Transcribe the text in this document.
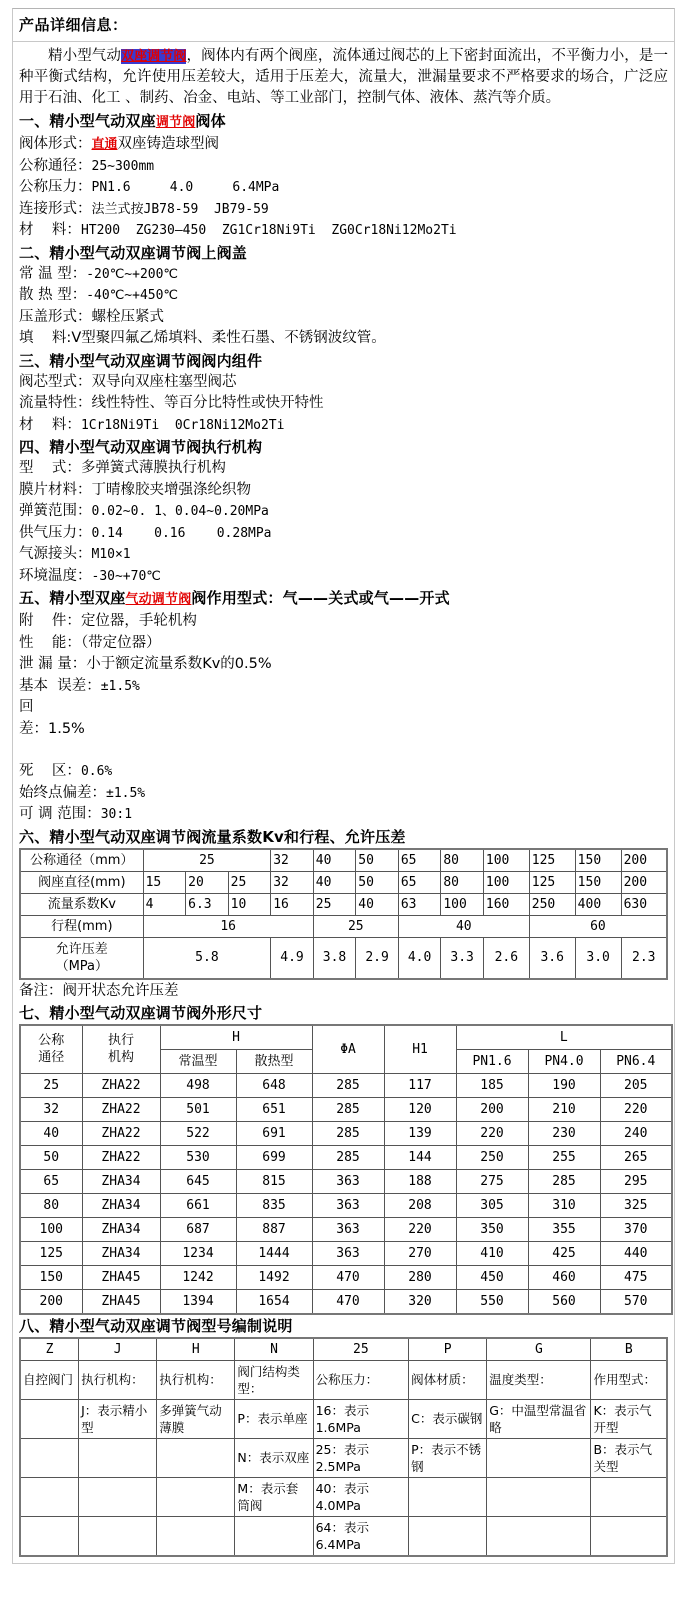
产品详细信息：

精小型气动双座调节阀，阀体内有两个阀座，流体通过阀芯的上下密封面流出，不平衡力小，是一种平衡式结构，允许使用压差较大，适用于压差大，流量大，泄漏量要求不严格要求的场合，广泛应用于石油、化工 、制药、冶金、电站、等工业部门，控制气体、液体、蒸汽等介质。

一、精小型气动双座调节阀阀体
阀体形式：直通双座铸造球型阀
公称通径：25~300mm
公称压力：PN1.6     4.0     6.4MPa
连接形式：法兰式按JB78-59  JB79-59
材    料：HT200  ZG230—450  ZG1Cr18Ni9Ti  ZG0Cr18Ni12Mo2Ti
二、精小型气动双座调节阀上阀盖
常 温 型：-20℃~+200℃
散 热 型：-40℃~+450℃
压盖形式：螺栓压紧式
填    料:V型聚四氟乙烯填料、柔性石墨、不锈钢波纹管。
三、精小型气动双座调节阀阀内组件
阀芯型式：双导向双座柱塞型阀芯
流量特性：线性特性、等百分比特性或快开特性
材    料：1Cr18Ni9Ti  0Cr18Ni12Mo2Ti
四、精小型气动双座调节阀执行机构
型    式：多弹簧式薄膜执行机构
膜片材料：丁晴橡胶夹增强涤纶织物
弹簧范围：0.02~0. 1、0.04~0.20MPa
供气压力：0.14    0.16    0.28MPa
气源接头：M10×1
环境温度：-30~+70℃
五、精小型双座气动调节阀阀作用型式：气——关式或气——开式
附    件：定位器，手轮机构
性    能：（带定位器）
泄 漏 量：小于额定流量系数Kv的0.5%
基本  误差：±1.5%
回
差：1.5%
死    区：0.6%
始终点偏差：±1.5%
可 调 范围：30:1
六、精小型气动双座调节阀流量系数Kv和行程、允许压差
公称通径（mm）	25			32	40	50	65	80	100	125	150	200
阀座直径(mm)	15	20	25	32	40	50	65	80	100	125	150	200
流量系数Kv	4	6.3	10	16	25	40	63	100	160	250	400	630
行程(mm)	16				25		40			60		
允许压差
（MPa）	5.8			4.9	3.8	2.9	4.0	3.3	2.6	3.6	3.0	2.3
备注：阀开状态允许压差
七、精小型气动双座调节阀外形尺寸
公称
通径	执行
机构	H		ΦA	H1	L		
		常温型	散热型			PN1.6	PN4.0	PN6.4
25	ZHA22	498	648	285	117	185	190	205
32	ZHA22	501	651	285	120	200	210	220
40	ZHA22	522	691	285	139	220	230	240
50	ZHA22	530	699	285	144	250	255	265
65	ZHA34	645	815	363	188	275	285	295
80	ZHA34	661	835	363	208	305	310	325
100	ZHA34	687	887	363	220	350	355	370
125	ZHA34	1234	1444	363	270	410	425	440
150	ZHA45	1242	1492	470	280	450	460	475
200	ZHA45	1394	1654	470	320	550	560	570
八、精小型气动双座调节阀型号编制说明
Z	J	H	N	25	P	G	B
自控阀门	执行机构：	执行机构：	阀门结构类型：	公称压力：	阀体材质：	温度类型：	作用型式：
	J：表示精小型	多弹簧气动薄膜	P：表示单座	16：表示1.6MPa	C：表示碳钢	G：中温型常温省略	K：表示气开型
			N：表示双座	25：表示2.5MPa	P：表示不锈钢		B：表示气关型
			M：表示套筒阀	40：表示4.0MPa			
				64：表示6.4MPa			
